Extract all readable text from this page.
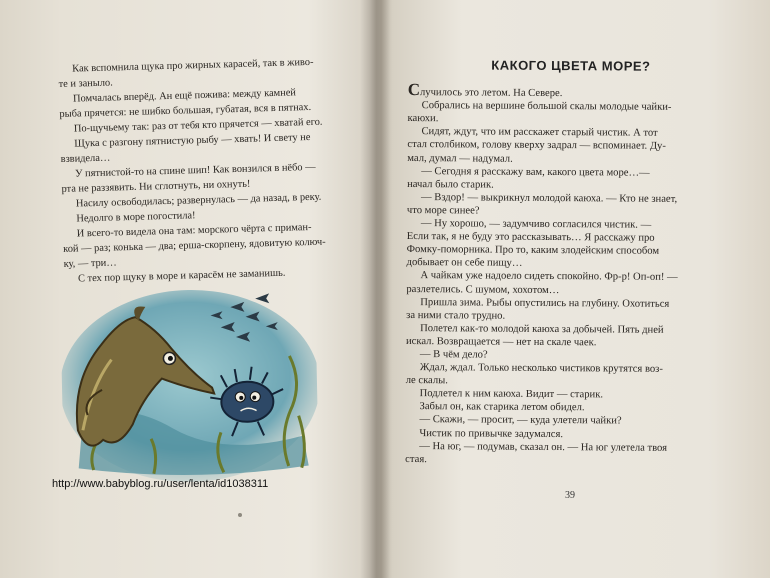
Как вспомнила щука про жирных карасей, так в живо-

те и заныло.

Помчалась вперёд. Ан ещё пожива: между камней

рыба прячется: не шибко большая, губатая, вся в пятнах.

По-щучьему так: раз от тебя кто прячется — хватай его.

Щука с разгону пятнистую рыбу — хвать! И свету не

взвидела…

У пятнистой-то на спине шип! Как вонзился в нёбо —

рта не раззявить. Ни сглотнуть, ни охнуть!

Насилу освободилась; развернулась — да назад, в реку.

Недолго в море погостила!

И всего-то видела она там: морского чёрта с приман-

кой — раз; конька — два; ерша-скорпену, ядовитую колюч-

ку, — три…

С тех пор щуку в море и карасём не заманишь.

http://www.babyblog.ru/user/lenta/id1038311
КАКОГО ЦВЕТА МОРЕ?

Случилось это летом. На Севере.

Собрались на вершине большой скалы молодые чайки-

каюхи.

Сидят, ждут, что им расскажет старый чистик. А тот

стал столбиком, голову кверху задрал — вспоминает. Ду-

мал, думал — надумал.

— Сегодня я расскажу вам, какого цвета море…—

начал было старик.

— Вздор! — выкрикнул молодой каюха. — Кто не знает,

что море синее?

— Ну хорошо, — задумчиво согласился чистик. —

Если так, я не буду это рассказывать… Я расскажу про

Фомку-поморника. Про то, каким злодейским способом

добывает он себе пищу…

А чайкам уже надоело сидеть спокойно. Фр-р! Оп-оп! —

разлетелись. С шумом, хохотом…

Пришла зима. Рыбы опустились на глубину. Охотиться

за ними стало трудно.

Полетел как-то молодой каюха за добычей. Пять дней

искал. Возвращается — нет на скале чаек.

— В чём дело?

Ждал, ждал. Только несколько чистиков крутятся воз-

ле скалы.

Подлетел к ним каюха. Видит — старик.

Забыл он, как старика летом обидел.

— Скажи, — просит, — куда улетели чайки?

Чистик по привычке задумался.

— На юг, — подумав, сказал он. — На юг улетела твоя

стая.

39
